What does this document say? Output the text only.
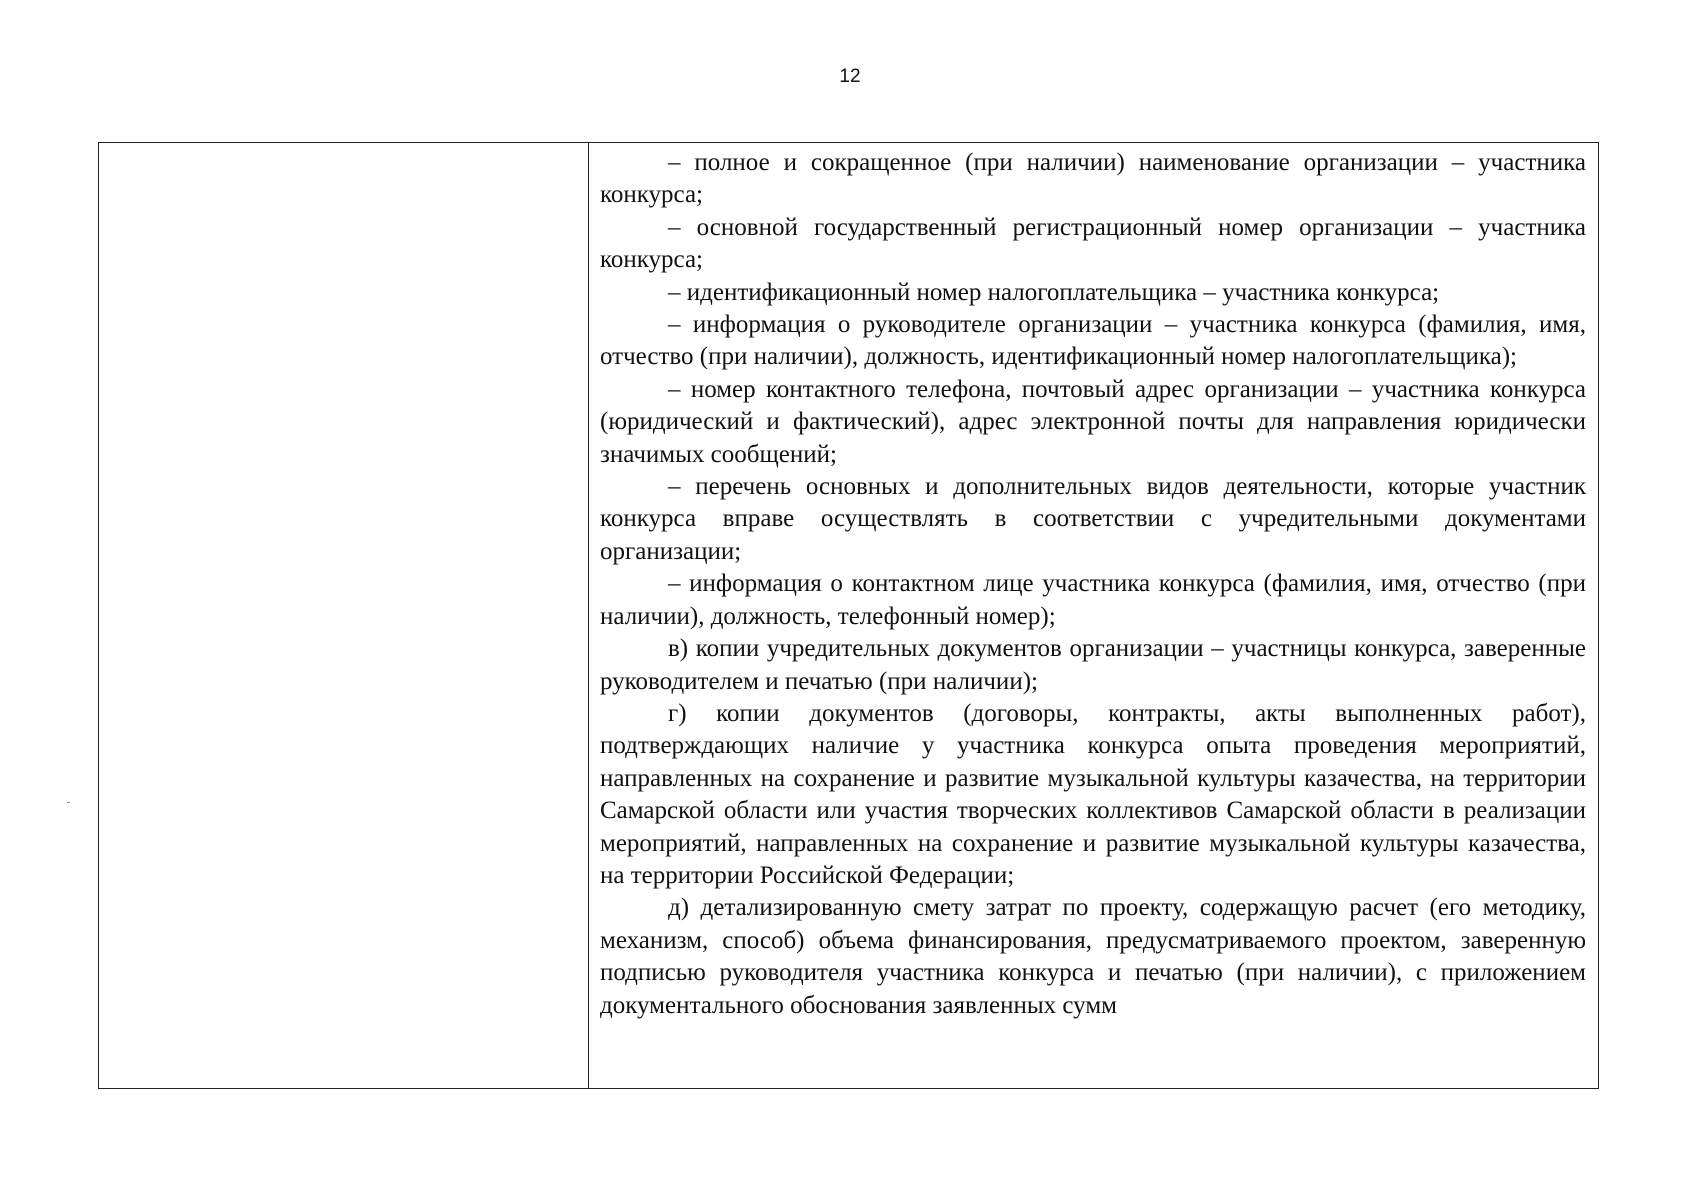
12

– полное и сокращенное (при наличии) наименование организации – участника конкурса;

– основной государственный регистрационный номер организации – участника конкурса;

– идентификационный номер налогоплательщика – участника конкурса;

– информация о руководителе организации – участника конкурса (фамилия, имя, отчество (при наличии), должность, идентификационный номер налогоплательщика);

– номер контактного телефона, почтовый адрес организации – участника конкурса (юридический и фактический), адрес электронной почты для направления юридически значимых сообщений;

– перечень основных и дополнительных видов деятельности, которые участник конкурса вправе осуществлять в соответствии с учредительными документами организации;

– информация о контактном лице участника конкурса (фамилия, имя, отчество (при наличии), должность, телефонный номер);

в) копии учредительных документов организации – участницы конкурса, заверенные руководителем и печатью (при наличии);

г) копии документов (договоры, контракты, акты выполненных работ), подтверждающих наличие у участника конкурса опыта проведения мероприятий, направленных на сохранение и развитие музыкальной культуры казачества, на территории Самарской области или участия творческих коллективов Самарской области в реализации мероприятий, направленных на сохранение и развитие музыкальной культуры казачества, на территории Российской Федерации;

д) детализированную смету затрат по проекту, содержащую расчет (его методику, механизм, способ) объема финансирования, предусматриваемого проектом, заверенную подписью руководителя участника конкурса и печатью (при наличии), с приложением документального обоснования заявленных сумм
